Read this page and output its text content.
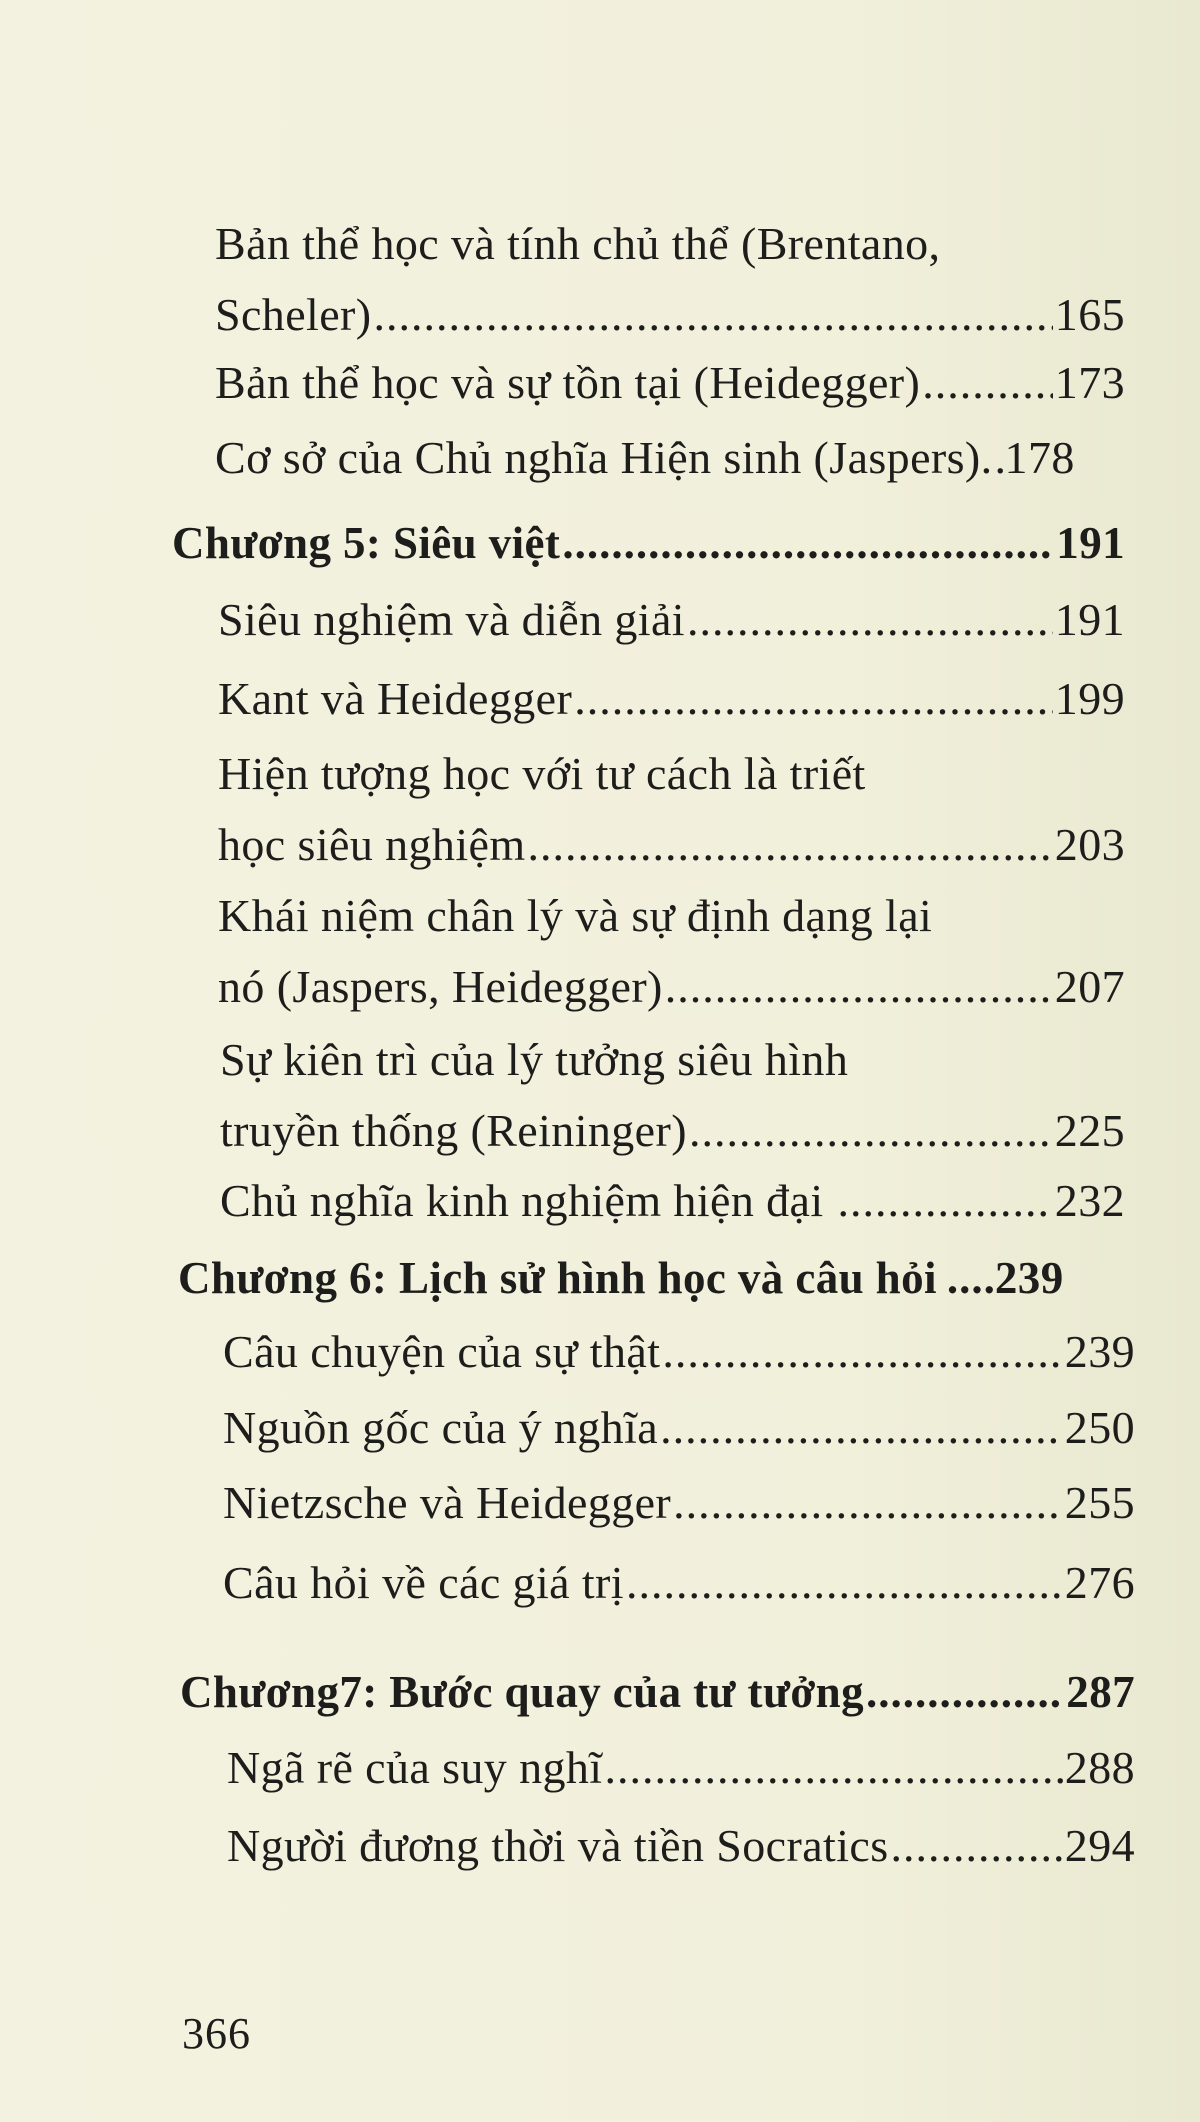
Bản thể học và tính chủ thể (Brentano,
Scheler) .....	165
Bản thể học và sự tồn tại (Heidegger) .....	173
Cơ sở của Chủ nghĩa Hiện sinh (Jaspers). ..... 178
Chương 5: Siêu việt .....	191
Siêu nghiệm và diễn giải .....	191
Kant và Heidegger .....	199
Hiện tượng học với tư cách là triết
học siêu nghiệm .....	203
Khái niệm chân lý và sự định dạng lại
nó (Jaspers, Heidegger) .....	207
Sự kiên trì của lý tưởng siêu hình
truyền thống (Reininger) .....	225
Chủ nghĩa kinh nghiệm hiện đại .....	232
Chương 6: Lịch sử hình học và câu hỏi ..... 239
Câu chuyện của sự thật .....	239
Nguồn gốc của ý nghĩa .....	250
Nietzsche và Heidegger .....	255
Câu hỏi về các giá trị .....	276
Chương7: Bước quay của tư tưởng .....	287
Ngã rẽ của suy nghĩ .....	288
Người đương thời và tiền Socratics .....	294
366
